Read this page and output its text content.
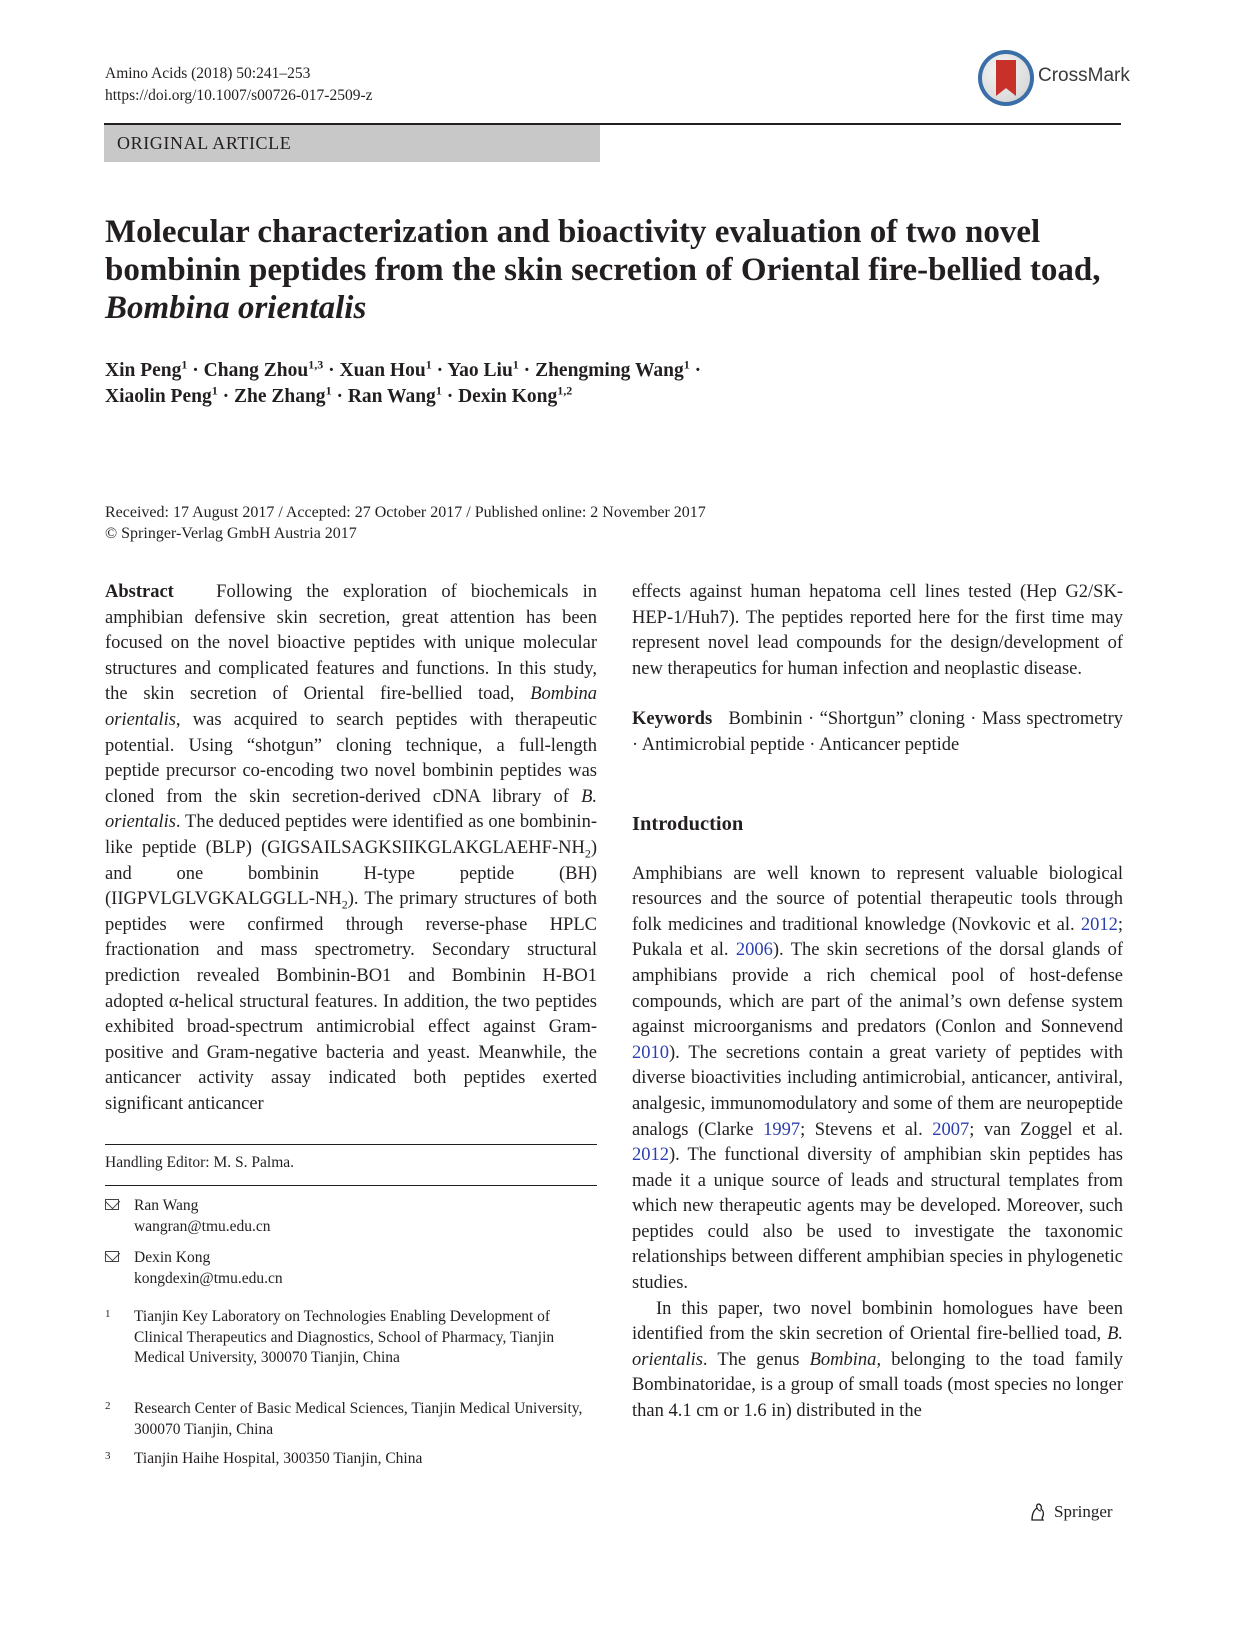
Amino Acids (2018) 50:241–253
https://doi.org/10.1007/s00726-017-2509-z
CrossMark
ORIGINAL ARTICLE
Molecular characterization and bioactivity evaluation of two novel bombinin peptides from the skin secretion of Oriental fire-bellied toad, Bombina orientalis
Xin Peng$^1$ · Chang Zhou$^{1,3}$ · Xuan Hou$^1$ · Yao Liu$^1$ · Zhengming Wang$^1$ ·
Xiaolin Peng$^1$ · Zhe Zhang$^1$ · Ran Wang$^1$ · Dexin Kong$^{1,2}$
Received: 17 August 2017 / Accepted: 27 October 2017 / Published online: 2 November 2017
© Springer-Verlag GmbH Austria 2017

Abstract Following the exploration of biochemicals in amphibian defensive skin secretion, great attention has been focused on the novel bioactive peptides with unique molecular structures and complicated features and functions. In this study, the skin secretion of Oriental fire-bellied toad, Bombina orientalis, was acquired to search peptides with therapeutic potential. Using “shotgun” cloning technique, a full-length peptide precursor co-encoding two novel bombinin peptides was cloned from the skin secretion-derived cDNA library of B. orientalis. The deduced peptides were identified as one bombinin-like peptide (BLP) $(GIGSAILSAGKSIIKGLAKGLAEHF-NH_2)$ and one bombinin H-type peptide (BH) $(IIGPVLGLVGKALGGLL-NH_2)$. The primary structures of both peptides were confirmed through reverse-phase HPLC fractionation and mass spectrometry. Secondary structural prediction revealed Bombinin-BO1 and Bombinin H-BO1 adopted α-helical structural features. In addition, the two peptides exhibited broad-spectrum antimicrobial effect against Gram-positive and Gram-negative bacteria and yeast. Meanwhile, the anticancer activity assay indicated both peptides exerted significant anticancer

Handling Editor: M. S. Palma.
Ran Wang
wangran@tmu.edu.cn
Dexin Kong
kongdexin@tmu.edu.cn
1 Tianjin Key Laboratory on Technologies Enabling Development of Clinical Therapeutics and Diagnostics, School of Pharmacy, Tianjin Medical University, 300070 Tianjin, China
2 Research Center of Basic Medical Sciences, Tianjin Medical University, 300070 Tianjin, China
3 Tianjin Haihe Hospital, 300350 Tianjin, China

effects against human hepatoma cell lines tested (Hep G2/SK-HEP-1/Huh7). The peptides reported here for the first time may represent novel lead compounds for the design/development of new therapeutics for human infection and neoplastic disease.

Keywords Bombinin · “Shortgun” cloning · Mass spectrometry · Antimicrobial peptide · Anticancer peptide

Introduction

Amphibians are well known to represent valuable biological resources and the source of potential therapeutic tools through folk medicines and traditional knowledge (Novkovic et al. 2012; Pukala et al. 2006). The skin secretions of the dorsal glands of amphibians provide a rich chemical pool of host-defense compounds, which are part of the animal’s own defense system against microorganisms and predators (Conlon and Sonnevend 2010). The secretions contain a great variety of peptides with diverse bioactivities including antimicrobial, anticancer, antiviral, analgesic, immunomodulatory and some of them are neuropeptide analogs (Clarke 1997; Stevens et al. 2007; van Zoggel et al. 2012). The functional diversity of amphibian skin peptides has made it a unique source of leads and structural templates from which new therapeutic agents may be developed. Moreover, such peptides could also be used to investigate the taxonomic relationships between different amphibian species in phylogenetic studies.

In this paper, two novel bombinin homologues have been identified from the skin secretion of Oriental fire-bellied toad, B. orientalis. The genus Bombina, belonging to the toad family Bombinatoridae, is a group of small toads (most species no longer than 4.1 cm or 1.6 in) distributed in the

Springer
